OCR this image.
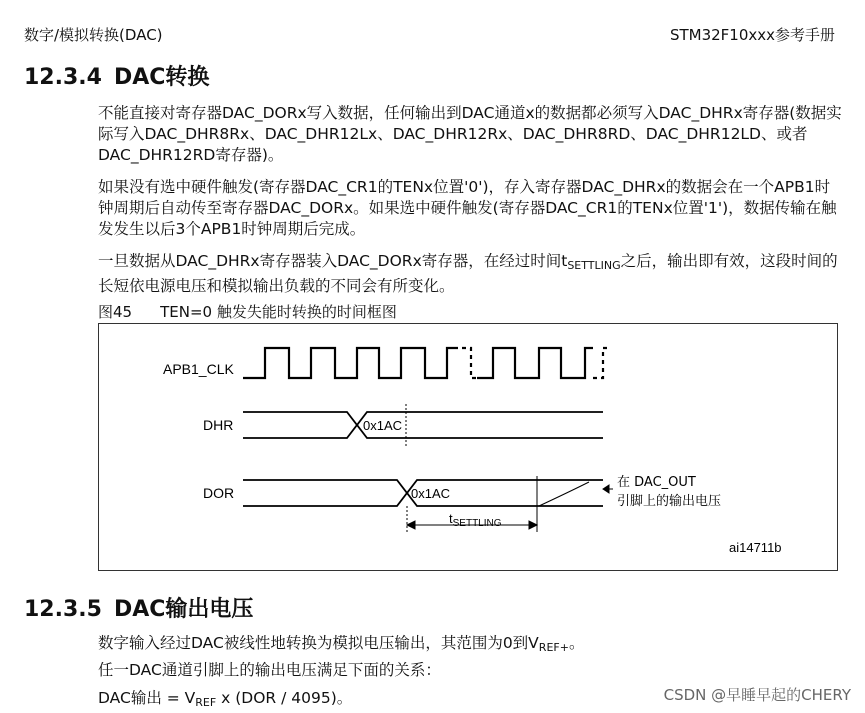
数字/模拟转换(DAC)	STM32F10xxx参考手册
12.3.4 DAC转换

不能直接对寄存器DAC_DORx写入数据，任何输出到DAC通道x的数据都必须写入DAC_DHRx寄存器(数据实际写入DAC_DHR8Rx、DAC_DHR12Lx、DAC_DHR12Rx、DAC_DHR8RD、DAC_DHR12LD、或者DAC_DHR12RD寄存器)。

如果没有选中硬件触发(寄存器DAC_CR1的TENx位置'0')，存入寄存器DAC_DHRx的数据会在一个APB1时钟周期后自动传至寄存器DAC_DORx。如果选中硬件触发(寄存器DAC_CR1的TENx位置'1')，数据传输在触发发生以后3个APB1时钟周期后完成。

一旦数据从DAC_DHRx寄存器装入DAC_DORx寄存器，在经过时间$t_{SETTLING}$之后，输出即有效，这段时间的长短依电源电压和模拟输出负载的不同会有所变化。

图45 TEN=0 触发失能时转换的时间框图
APB1_CLK
DHR
DOR
0x1AC
0x1AC
$t_{SETTLING}$
在 DAC_OUT
引脚上的输出电压
ai14711b
12.3.5 DAC输出电压

数字输入经过DAC被线性地转换为模拟电压输出，其范围为0到$V_{REF+}$。

任一DAC通道引脚上的输出电压满足下面的关系：

DAC输出 = $V_{REF}$ x (DOR / 4095)。	CSDN @早睡早起的CHERY
